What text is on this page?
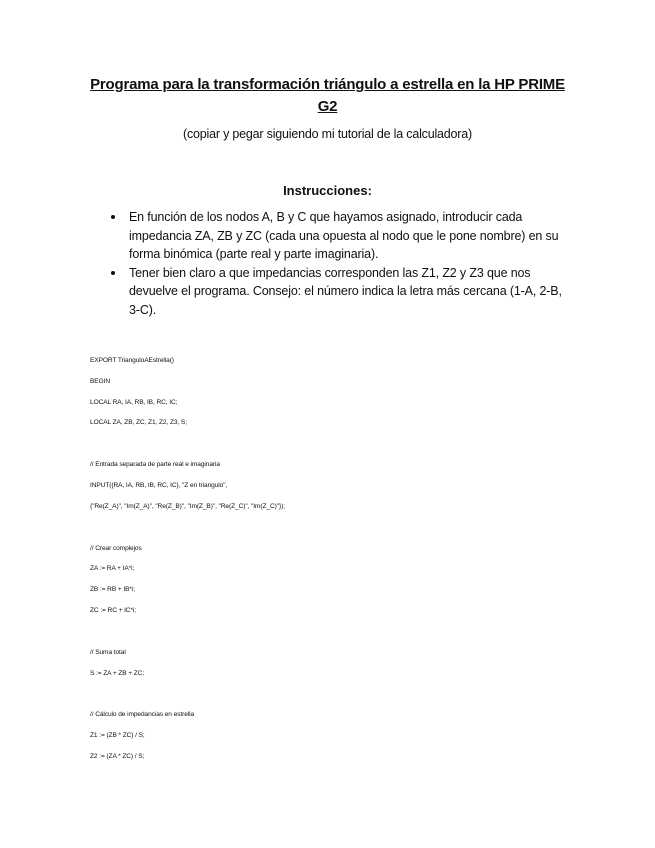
Programa para la transformación triángulo a estrella en la HP PRIME G2
(copiar y pegar siguiendo mi tutorial de la calculadora)
Instrucciones:
En función de los nodos A, B y C que hayamos asignado, introducir cada impedancia ZA, ZB y ZC (cada una opuesta al nodo que le pone nombre) en su forma binómica (parte real y parte imaginaria).
Tener bien claro a que impedancias corresponden las Z1, Z2 y Z3 que nos devuelve el programa. Consejo: el número indica la letra más cercana (1-A, 2-B, 3-C).
EXPORT TrianguloAEstrella()
BEGIN
LOCAL RA, IA, RB, IB, RC, IC;
LOCAL ZA, ZB, ZC, Z1, Z2, Z3, S;
// Entrada separada de parte real e imaginaria
INPUT({RA, IA, RB, IB, RC, IC}, "Z en triangulo",
{"Re(Z_A)", "Im(Z_A)", "Re(Z_B)", "Im(Z_B)", "Re(Z_C)", "Im(Z_C)"});
// Crear complejos
ZA := RA + IA*i;
ZB := RB + IB*i;
ZC := RC + IC*i;
// Suma total
S := ZA + ZB + ZC;
// Cálculo de impedancias en estrella
Z1 := (ZB * ZC) / S;
Z2 := (ZA * ZC) / S;
